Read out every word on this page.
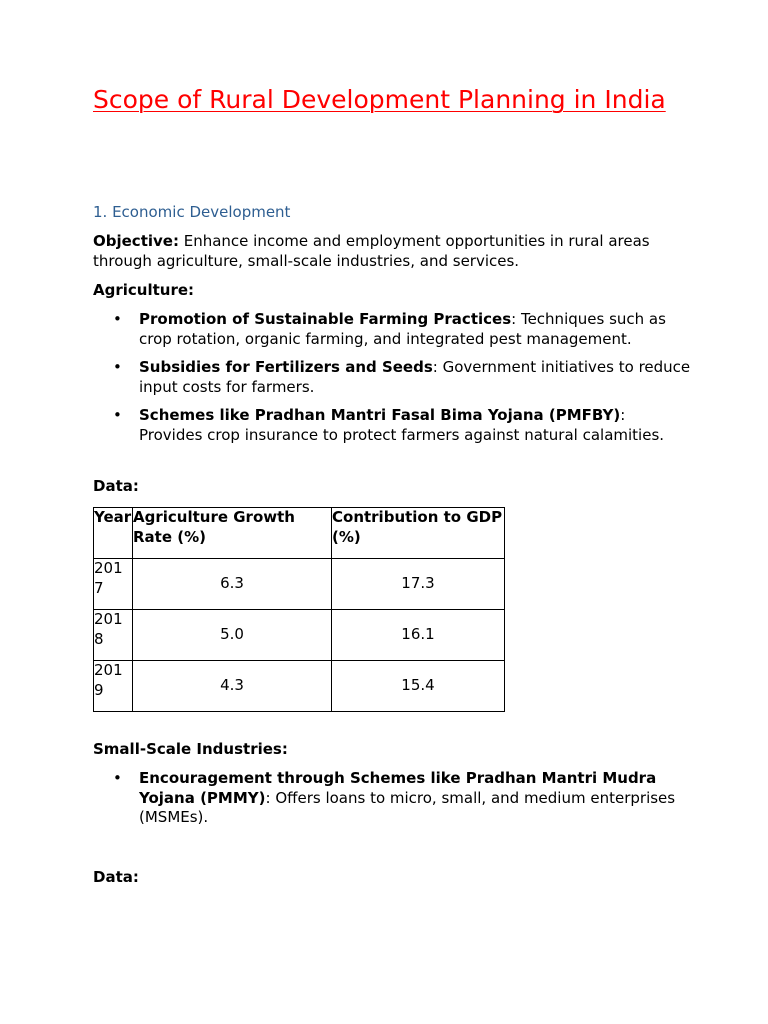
Scope of Rural Development Planning in India
1. Economic Development

Objective: Enhance income and employment opportunities in rural areas through agriculture, small-scale industries, and services.

Agriculture:

• Promotion of Sustainable Farming Practices: Techniques such as crop rotation, organic farming, and integrated pest management.
• Subsidies for Fertilizers and Seeds: Government initiatives to reduce input costs for farmers.
• Schemes like Pradhan Mantri Fasal Bima Yojana (PMFBY): Provides crop insurance to protect farmers against natural calamities.

Data:

Year	Agriculture Growth Rate (%)	Contribution to GDP (%)

2017	6.3	17.3

2018	5.0	16.1

2019	4.3	15.4

Small-Scale Industries:

• Encouragement through Schemes like Pradhan Mantri Mudra Yojana (PMMY): Offers loans to micro, small, and medium enterprises (MSMEs).

Data:
